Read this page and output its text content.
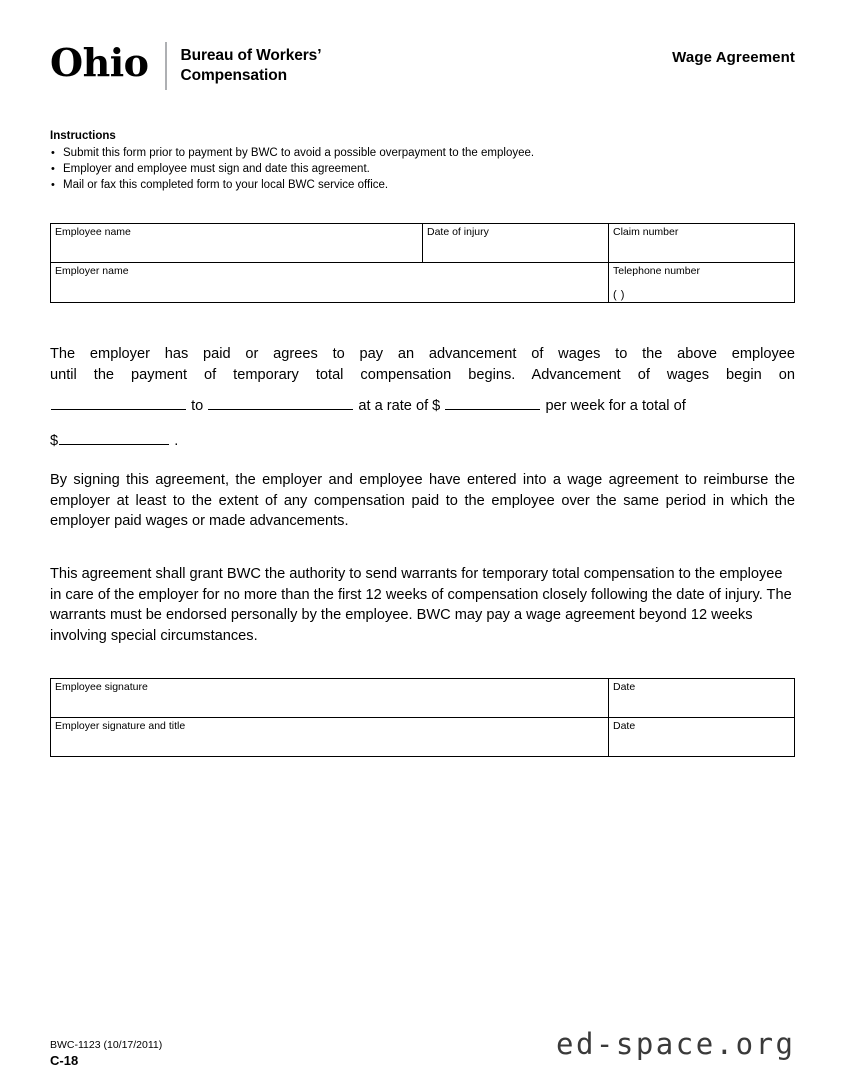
Ohio	Bureau of Workers’
Compensation
Wage Agreement
Instructions
• Submit this form prior to payment by BWC to avoid a possible overpayment to the employee.
• Employer and employee must sign and date this agreement.
• Mail or fax this completed form to your local BWC service office.
Employee name	Date of injury	Claim number

Employer name		Telephone number
( )
The employer has paid or agrees to pay an advancement of wages to the above employee
until the payment of temporary total compensation begins. Advancement of wages begin on
to	at a rate of $	per week for a total of
$	.
By signing this agreement, the employer and employee have entered into a wage agreement to reimburse the employer at least to the extent of any compensation paid to the employee over the same period in which the employer paid wages or made advancements.
This agreement shall grant BWC the authority to send warrants for temporary total compensation to the employee in care of the employer for no more than the first 12 weeks of compensation closely following the date of injury. The warrants must be endorsed personally by the employee. BWC may pay a wage agreement beyond 12 weeks involving special circumstances.
Employee signature	Date

Employer signature and title	Date
BWC-1123 (10/17/2011)
C-18	ed-space.org
